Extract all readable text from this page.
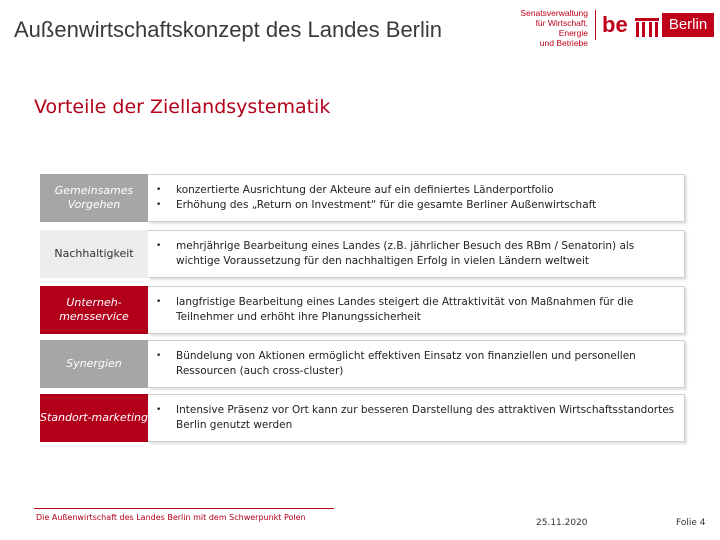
Außenwirtschaftskonzept des Landes Berlin
Senatsverwaltung
für Wirtschaft, Energie
und Betriebe
be	Berlin
Vorteile der Ziellandsystematik
Gemeinsames Vorgehen
•	konzertierte Ausrichtung der Akteure auf ein definiertes Länderportfolio
•	Erhöhung des „Return on Investment“ für die gesamte Berliner Außenwirtschaft
Nachhaltigkeit
•	mehrjährige Bearbeitung eines Landes (z.B. jährlicher Besuch des RBm / Senatorin) als wichtige Voraussetzung für den nachhaltigen Erfolg in vielen Ländern weltweit
Unterneh-mensservice
•	langfristige Bearbeitung eines Landes steigert die Attraktivität von Maßnahmen für die Teilnehmer und erhöht ihre Planungssicherheit
Synergien
•	Bündelung von Aktionen ermöglicht effektiven Einsatz von finanziellen und personellen Ressourcen (auch cross-cluster)
Standort-marketing
•	Intensive Präsenz vor Ort kann zur besseren Darstellung des attraktiven Wirtschaftsstandortes Berlin genutzt werden
Die Außenwirtschaft des Landes Berlin mit dem Schwerpunkt Polen
25.11.2020	Folie 4
